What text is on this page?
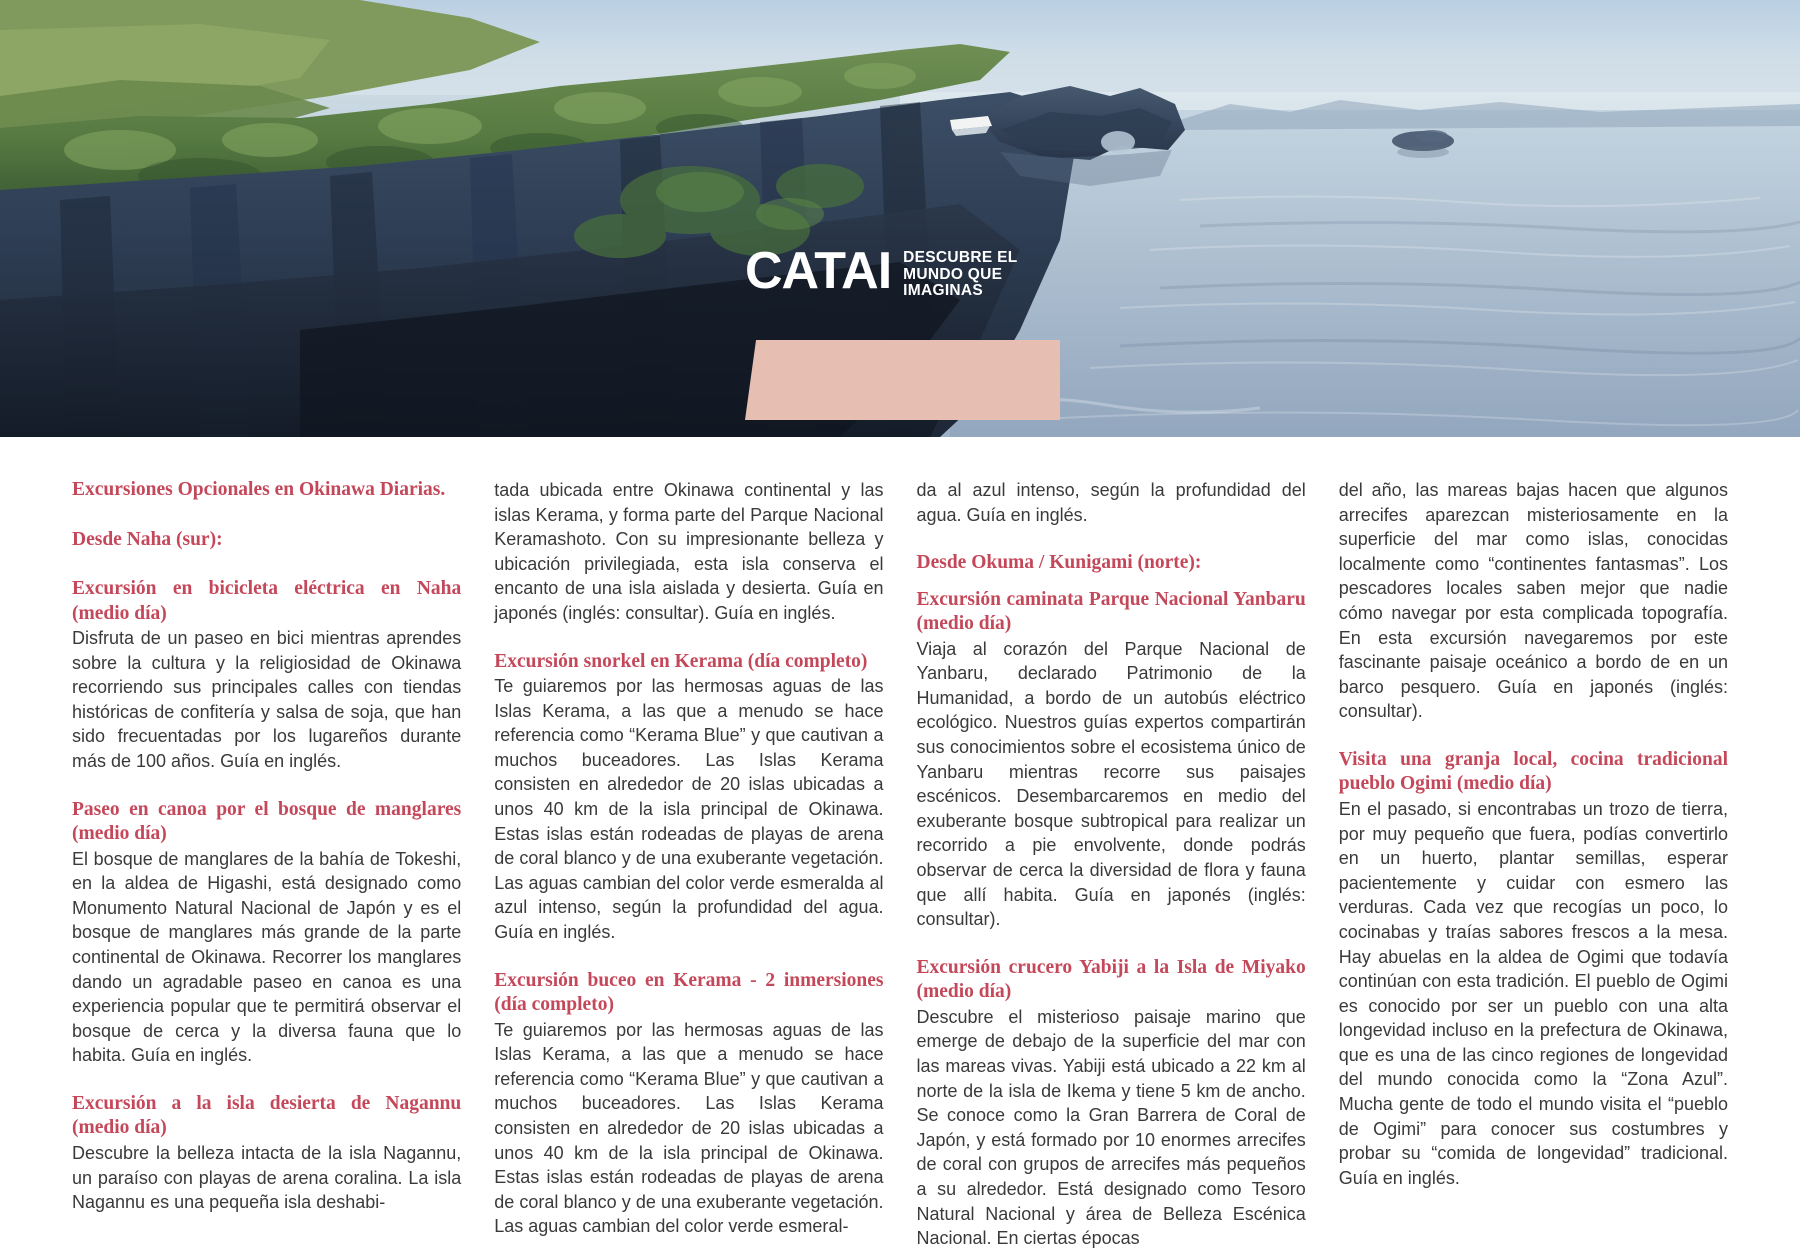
CATAI DESCUBRE EL
MUNDO QUE
IMAGINAS

Excursiones Opcionales en Okinawa Diarias.

Desde Naha (sur):

Excursión en bicicleta eléctrica en Naha (medio día)

Disfruta de un paseo en bici mientras aprendes sobre la cultura y la religiosidad de Okinawa recorriendo sus principales calles con tiendas históricas de confitería y salsa de soja, que han sido frecuentadas por los lugareños durante más de 100 años. Guía en inglés.

Paseo en canoa por el bosque de manglares (medio día)

El bosque de manglares de la bahía de Tokeshi, en la aldea de Higashi, está designado como Monumento Natural Nacional de Japón y es el bosque de manglares más grande de la parte continental de Okinawa. Recorrer los manglares dando un agradable paseo en canoa es una experiencia popular que te permitirá observar el bosque de cerca y la diversa fauna que lo habita. Guía en inglés.

Excursión a la isla desierta de Nagannu (medio día)

Descubre la belleza intacta de la isla Nagannu, un paraíso con playas de arena coralina. La isla Nagannu es una pequeña isla deshabi-

tada ubicada entre Okinawa continental y las islas Kerama, y forma parte del Parque Nacional Keramashoto. Con su impresionante belleza y ubicación privilegiada, esta isla conserva el encanto de una isla aislada y desierta. Guía en japonés (inglés: consultar). Guía en inglés.

Excursión snorkel en Kerama (día completo)

Te guiaremos por las hermosas aguas de las Islas Kerama, a las que a menudo se hace referencia como “Kerama Blue” y que cautivan a muchos buceadores. Las Islas Kerama consisten en alrededor de 20 islas ubicadas a unos 40 km de la isla principal de Okinawa. Estas islas están rodeadas de playas de arena de coral blanco y de una exuberante vegetación. Las aguas cambian del color verde esmeralda al azul intenso, según la profundidad del agua. Guía en inglés.

Excursión buceo en Kerama - 2 inmersiones (día completo)

Te guiaremos por las hermosas aguas de las Islas Kerama, a las que a menudo se hace referencia como “Kerama Blue” y que cautivan a muchos buceadores. Las Islas Kerama consisten en alrededor de 20 islas ubicadas a unos 40 km de la isla principal de Okinawa. Estas islas están rodeadas de playas de arena de coral blanco y de una exuberante vegetación. Las aguas cambian del color verde esmeral-

da al azul intenso, según la profundidad del agua. Guía en inglés.

Desde Okuma / Kunigami (norte):

Excursión caminata Parque Nacional Yanbaru (medio día)

Viaja al corazón del Parque Nacional de Yanbaru, declarado Patrimonio de la Humanidad, a bordo de un autobús eléctrico ecológico. Nuestros guías expertos compartirán sus conocimientos sobre el ecosistema único de Yanbaru mientras recorre sus paisajes escénicos. Desembarcaremos en medio del exuberante bosque subtropical para realizar un recorrido a pie envolvente, donde podrás observar de cerca la diversidad de flora y fauna que allí habita. Guía en japonés (inglés: consultar).

Excursión crucero Yabiji a la Isla de Miyako (medio día)

Descubre el misterioso paisaje marino que emerge de debajo de la superficie del mar con las mareas vivas. Yabiji está ubicado a 22 km al norte de la isla de Ikema y tiene 5 km de ancho. Se conoce como la Gran Barrera de Coral de Japón, y está formado por 10 enormes arrecifes de coral con grupos de arrecifes más pequeños a su alrededor. Está designado como Tesoro Natural Nacional y área de Belleza Escénica Nacional. En ciertas épocas

del año, las mareas bajas hacen que algunos arrecifes aparezcan misteriosamente en la superficie del mar como islas, conocidas localmente como “continentes fantasmas”. Los pescadores locales saben mejor que nadie cómo navegar por esta complicada topografía. En esta excursión navegaremos por este fascinante paisaje oceánico a bordo de en un barco pesquero. Guía en japonés (inglés: consultar).

Visita una granja local, cocina tradicional pueblo Ogimi (medio día)

En el pasado, si encontrabas un trozo de tierra, por muy pequeño que fuera, podías convertirlo en un huerto, plantar semillas, esperar pacientemente y cuidar con esmero las verduras. Cada vez que recogías un poco, lo cocinabas y traías sabores frescos a la mesa. Hay abuelas en la aldea de Ogimi que todavía continúan con esta tradición. El pueblo de Ogimi es conocido por ser un pueblo con una alta longevidad incluso en la prefectura de Okinawa, que es una de las cinco regiones de longevidad del mundo conocida como la “Zona Azul”. Mucha gente de todo el mundo visita el “pueblo de Ogimi” para conocer sus costumbres y probar su “comida de longevidad” tradicional. Guía en inglés.
